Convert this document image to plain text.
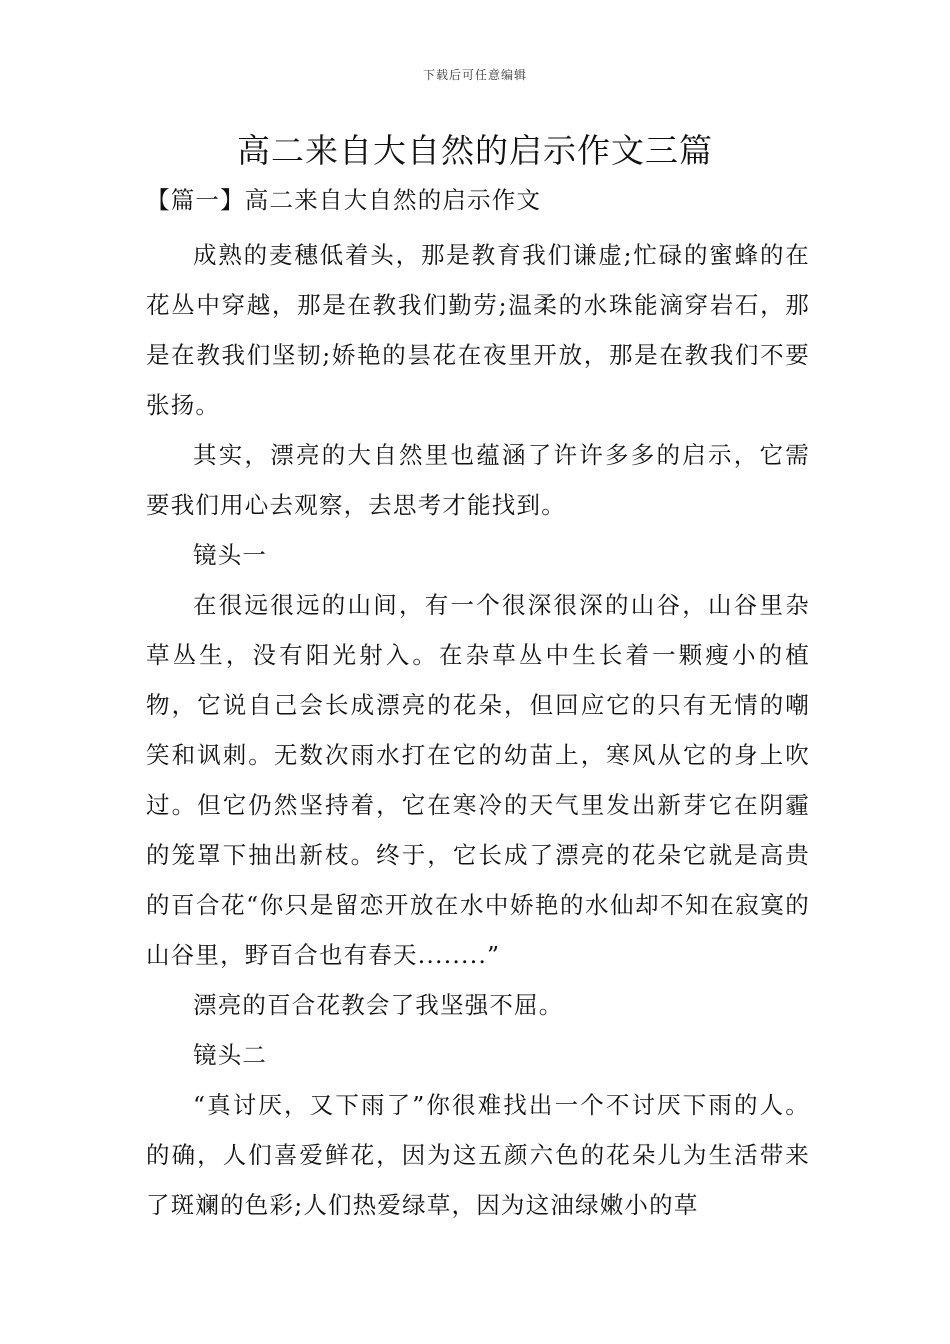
下载后可任意编辑
高二来自大自然的启示作文三篇

【篇一】高二来自大自然的启示作文

成熟的麦穗低着头，那是教育我们谦虚;忙碌的蜜蜂的在花丛中穿越，那是在教我们勤劳;温柔的水珠能滴穿岩石，那是在教我们坚韧;娇艳的昙花在夜里开放，那是在教我们不要张扬。

其实，漂亮的大自然里也蕴涵了许许多多的启示，它需要我们用心去观察，去思考才能找到。

镜头一

在很远很远的山间，有一个很深很深的山谷，山谷里杂草丛生，没有阳光射入。在杂草丛中生长着一颗瘦小的植物，它说自己会长成漂亮的花朵，但回应它的只有无情的嘲笑和讽刺。无数次雨水打在它的幼苗上，寒风从它的身上吹过。但它仍然坚持着，它在寒冷的天气里发出新芽它在阴霾的笼罩下抽出新枝。终于，它长成了漂亮的花朵它就是高贵的百合花“你只是留恋开放在水中娇艳的水仙却不知在寂寞的山谷里，野百合也有春天........”

漂亮的百合花教会了我坚强不屈。

镜头二

“真讨厌，又下雨了”你很难找出一个不讨厌下雨的人。的确，人们喜爱鲜花，因为这五颜六色的花朵儿为生活带来了斑斓的色彩;人们热爱绿草，因为这油绿嫩小的草
